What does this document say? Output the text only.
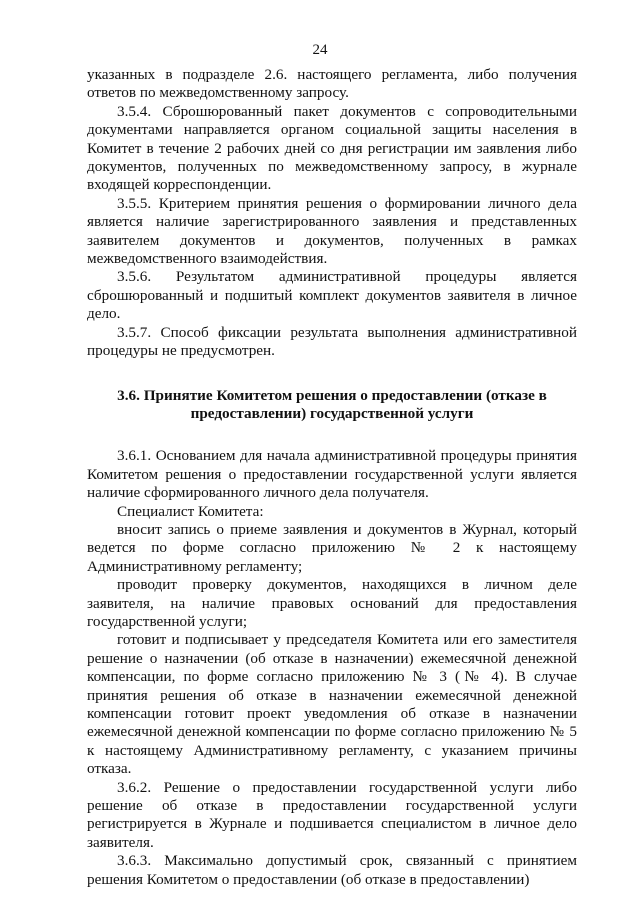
24

указанных в подразделе 2.6. настоящего регламента, либо получения ответов по межведомственному запросу.

3.5.4. Сброшюрованный пакет документов с сопроводительными документами направляется органом социальной защиты населения в Комитет в течение 2 рабочих дней со дня регистрации им заявления либо документов, полученных по межведомственному запросу, в журнале входящей корреспонденции.

3.5.5. Критерием принятия решения о формировании личного дела является наличие зарегистрированного заявления и представленных заявителем документов и документов, полученных в рамках межведомственного взаимодействия.

3.5.6. Результатом административной процедуры является сброшюрованный и подшитый комплект документов заявителя в личное дело.

3.5.7. Способ фиксации результата выполнения административной процедуры не предусмотрен.

3.6. Принятие Комитетом решения о предоставлении (отказе в предоставлении) государственной услуги

3.6.1. Основанием для начала административной процедуры принятия Комитетом решения о предоставлении государственной услуги является наличие сформированного личного дела получателя.

Специалист Комитета:

вносит запись о приеме заявления и документов в Журнал, который ведется по форме согласно приложению № 2 к настоящему Административному регламенту;

проводит проверку документов, находящихся в личном деле заявителя, на наличие правовых оснований для предоставления государственной услуги;

готовит и подписывает у председателя Комитета или его заместителя решение о назначении (об отказе в назначении) ежемесячной денежной компенсации, по форме согласно приложению № 3 (№ 4). В случае принятия решения об отказе в назначении ежемесячной денежной компенсации готовит проект уведомления об отказе в назначении ежемесячной денежной компенсации по форме согласно приложению № 5 к настоящему Административному регламенту, с указанием причины отказа.

3.6.2. Решение о предоставлении государственной услуги либо решение об отказе в предоставлении государственной услуги регистрируется в Журнале и подшивается специалистом в личное дело заявителя.

3.6.3. Максимально допустимый срок, связанный с принятием решения Комитетом о предоставлении (об отказе в предоставлении)
